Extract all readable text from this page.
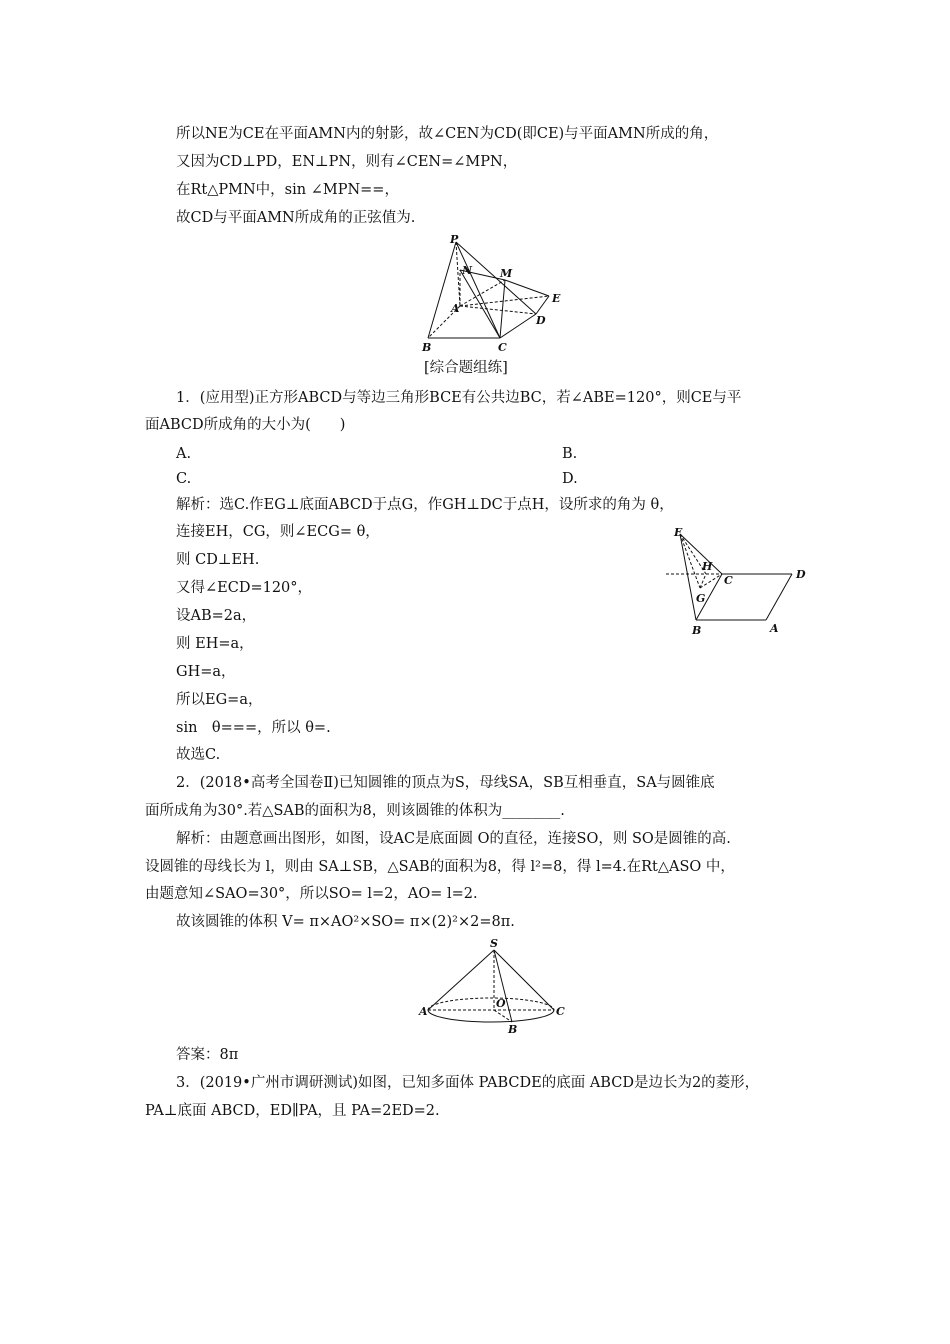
所以NE为CE在平面AMN内的射影，故∠CEN为CD(即CE)与平面AMN所成的角，
又因为CD⊥PD，EN⊥PN，则有∠CEN=∠MPN，
在Rt△PMN中，sin ∠MPN==，
故CD与平面AMN所成角的正弦值为.
P
N	M
A
E
D
B	C
[综合题组练]
1．(应用型)正方形ABCD与等边三角形BCE有公共边BC，若∠ABE=120°，则CE与平
面ABCD所成角的大小为(　　)
A.	B.
C.	D.
解析：选C.作EG⊥底面ABCD于点G，作GH⊥DC于点H，设所求的角为 θ，
连接EH，CG，则∠ECG= θ，
则 CD⊥EH.
又得∠ECD=120°，
设AB=2a，
则 EH=a，
GH=a，
所以EG=a，
sin　θ===，所以 θ=.
故选C.
E
H
C	D
G
B	A
2．(2018•高考全国卷Ⅱ)已知圆锥的顶点为S，母线SA，SB互相垂直，SA与圆锥底
面所成角为30°.若△SAB的面积为8，则该圆锥的体积为________.
解析：由题意画出图形，如图，设AC是底面圆 O的直径，连接SO，则 SO是圆锥的高.
设圆锥的母线长为 l，则由 SA⊥SB，△SAB的面积为8，得 l²=8，得 l=4.在Rt△ASO 中，
由题意知∠SAO=30°，所以SO= l=2，AO= l=2.
故该圆锥的体积 V= π×AO²×SO= π×(2)²×2=8π.
S
A
O
C
B
答案：8π
3．(2019•广州市调研测试)如图，已知多面体 PABCDE的底面 ABCD是边长为2的菱形，
PA⊥底面 ABCD，ED∥PA，且 PA=2ED=2.
